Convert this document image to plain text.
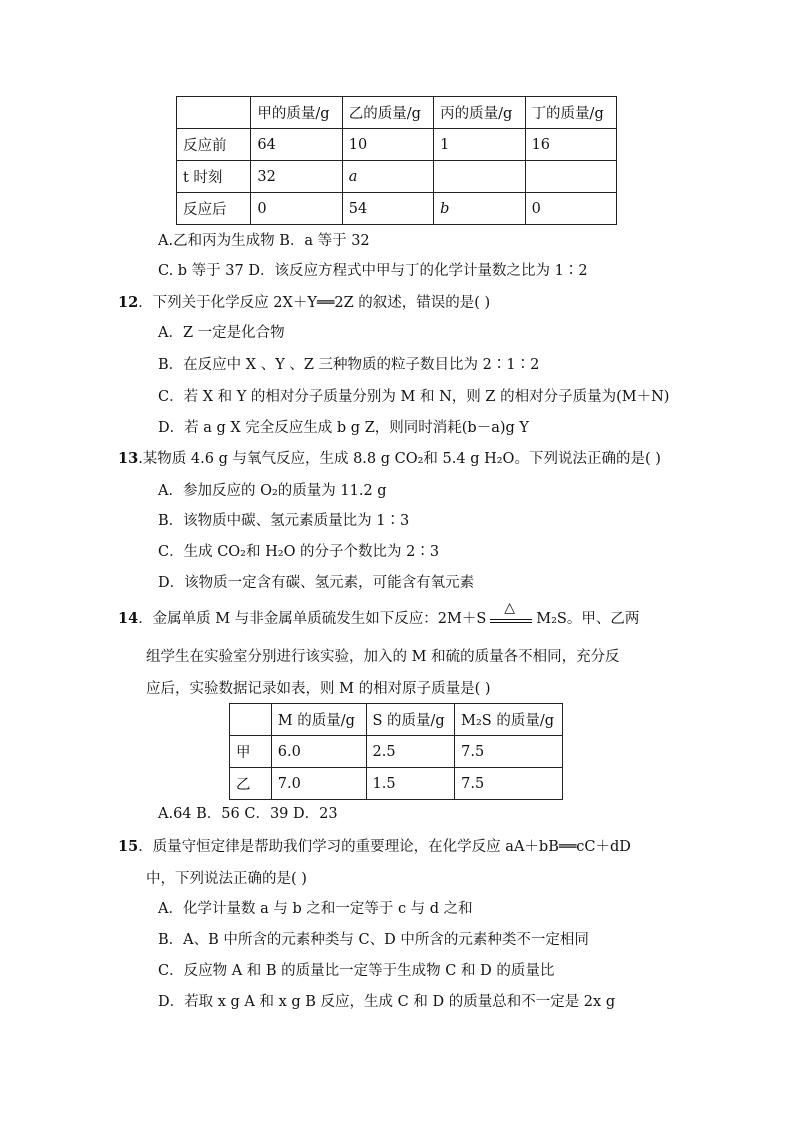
	甲的质量/g	乙的质量/g	丙的质量/g	丁的质量/g
反应前	64	10	1	16
t 时刻	32	a		
反应后	0	54	b	0
A.乙和丙为生成物 B．a 等于 32
C. b 等于 37 D．该反应方程式中甲与丁的化学计量数之比为 1∶2
12．下列关于化学反应 2X＋Y══2Z 的叙述，错误的是( )
A．Z 一定是化合物
B．在反应中 X 、Y 、Z 三种物质的粒子数目比为 2∶1∶2
C．若 X 和 Y 的相对分子质量分别为 M 和 N，则 Z 的相对分子质量为(M＋N)
D．若 a g X 完全反应生成 b g Z，则同时消耗(b－a)g Y
13.某物质 4.6 g 与氧气反应，生成 8.8 g CO₂和 5.4 g H₂O。下列说法正确的是( )
A．参加反应的 O₂的质量为 11.2 g
B．该物质中碳、氢元素质量比为 1∶3
C．生成 CO₂和 H₂O 的分子个数比为 2∶3
D．该物质一定含有碳、氢元素，可能含有氧元素
14．金属单质 M 与非金属单质硫发生如下反应：2M＋S
△
M₂S。甲、乙两
组学生在实验室分别进行该实验，加入的 M 和硫的质量各不相同，充分反
应后，实验数据记录如表，则 M 的相对原子质量是( )
	M 的质量/g	S 的质量/g	M₂S 的质量/g
甲	6.0	2.5	7.5
乙	7.0	1.5	7.5
A.64 B．56 C．39 D．23
15．质量守恒定律是帮助我们学习的重要理论，在化学反应 aA＋bB══cC＋dD
中，下列说法正确的是( )
A．化学计量数 a 与 b 之和一定等于 c 与 d 之和
B．A、B 中所含的元素种类与 C、D 中所含的元素种类不一定相同
C．反应物 A 和 B 的质量比一定等于生成物 C 和 D 的质量比
D．若取 x g A 和 x g B 反应，生成 C 和 D 的质量总和不一定是 2x g
